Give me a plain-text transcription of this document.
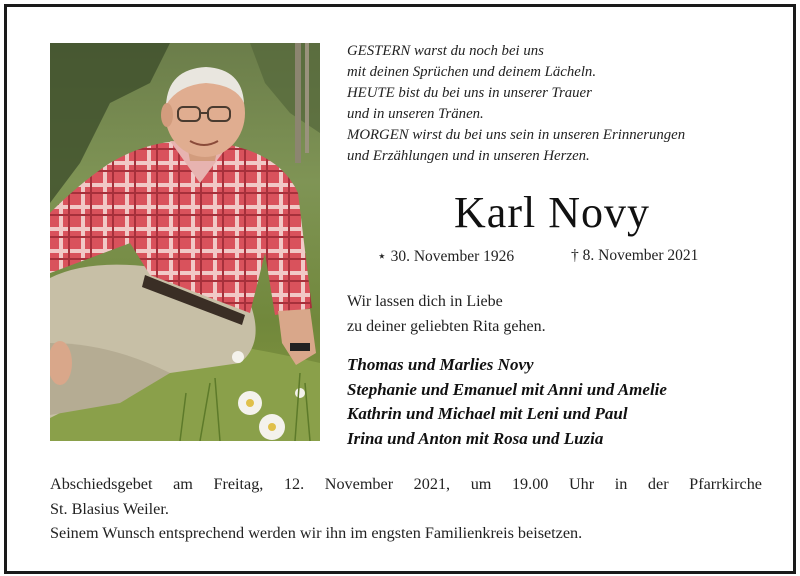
GESTERN warst du noch bei uns
mit deinen Sprüchen und deinem Lächeln.
HEUTE bist du bei uns in unserer Trauer
und in unseren Tränen.
MORGEN wirst du bei uns sein in unseren Erinnerungen
und Erzählungen und in unseren Herzen.
Karl Novy
⋆ 30. November 1926	† 8. November 2021
Wir lassen dich in Liebe
zu deiner geliebten Rita gehen.
Thomas und Marlies Novy
Stephanie und Emanuel mit Anni und Amelie
Kathrin und Michael mit Leni und Paul
Irina und Anton mit Rosa und Luzia
Abschiedsgebet am Freitag, 12. November 2021, um 19.00 Uhr in der Pfarrkirche

St. Blasius Weiler.

Seinem Wunsch entsprechend werden wir ihn im engsten Familienkreis beisetzen.
